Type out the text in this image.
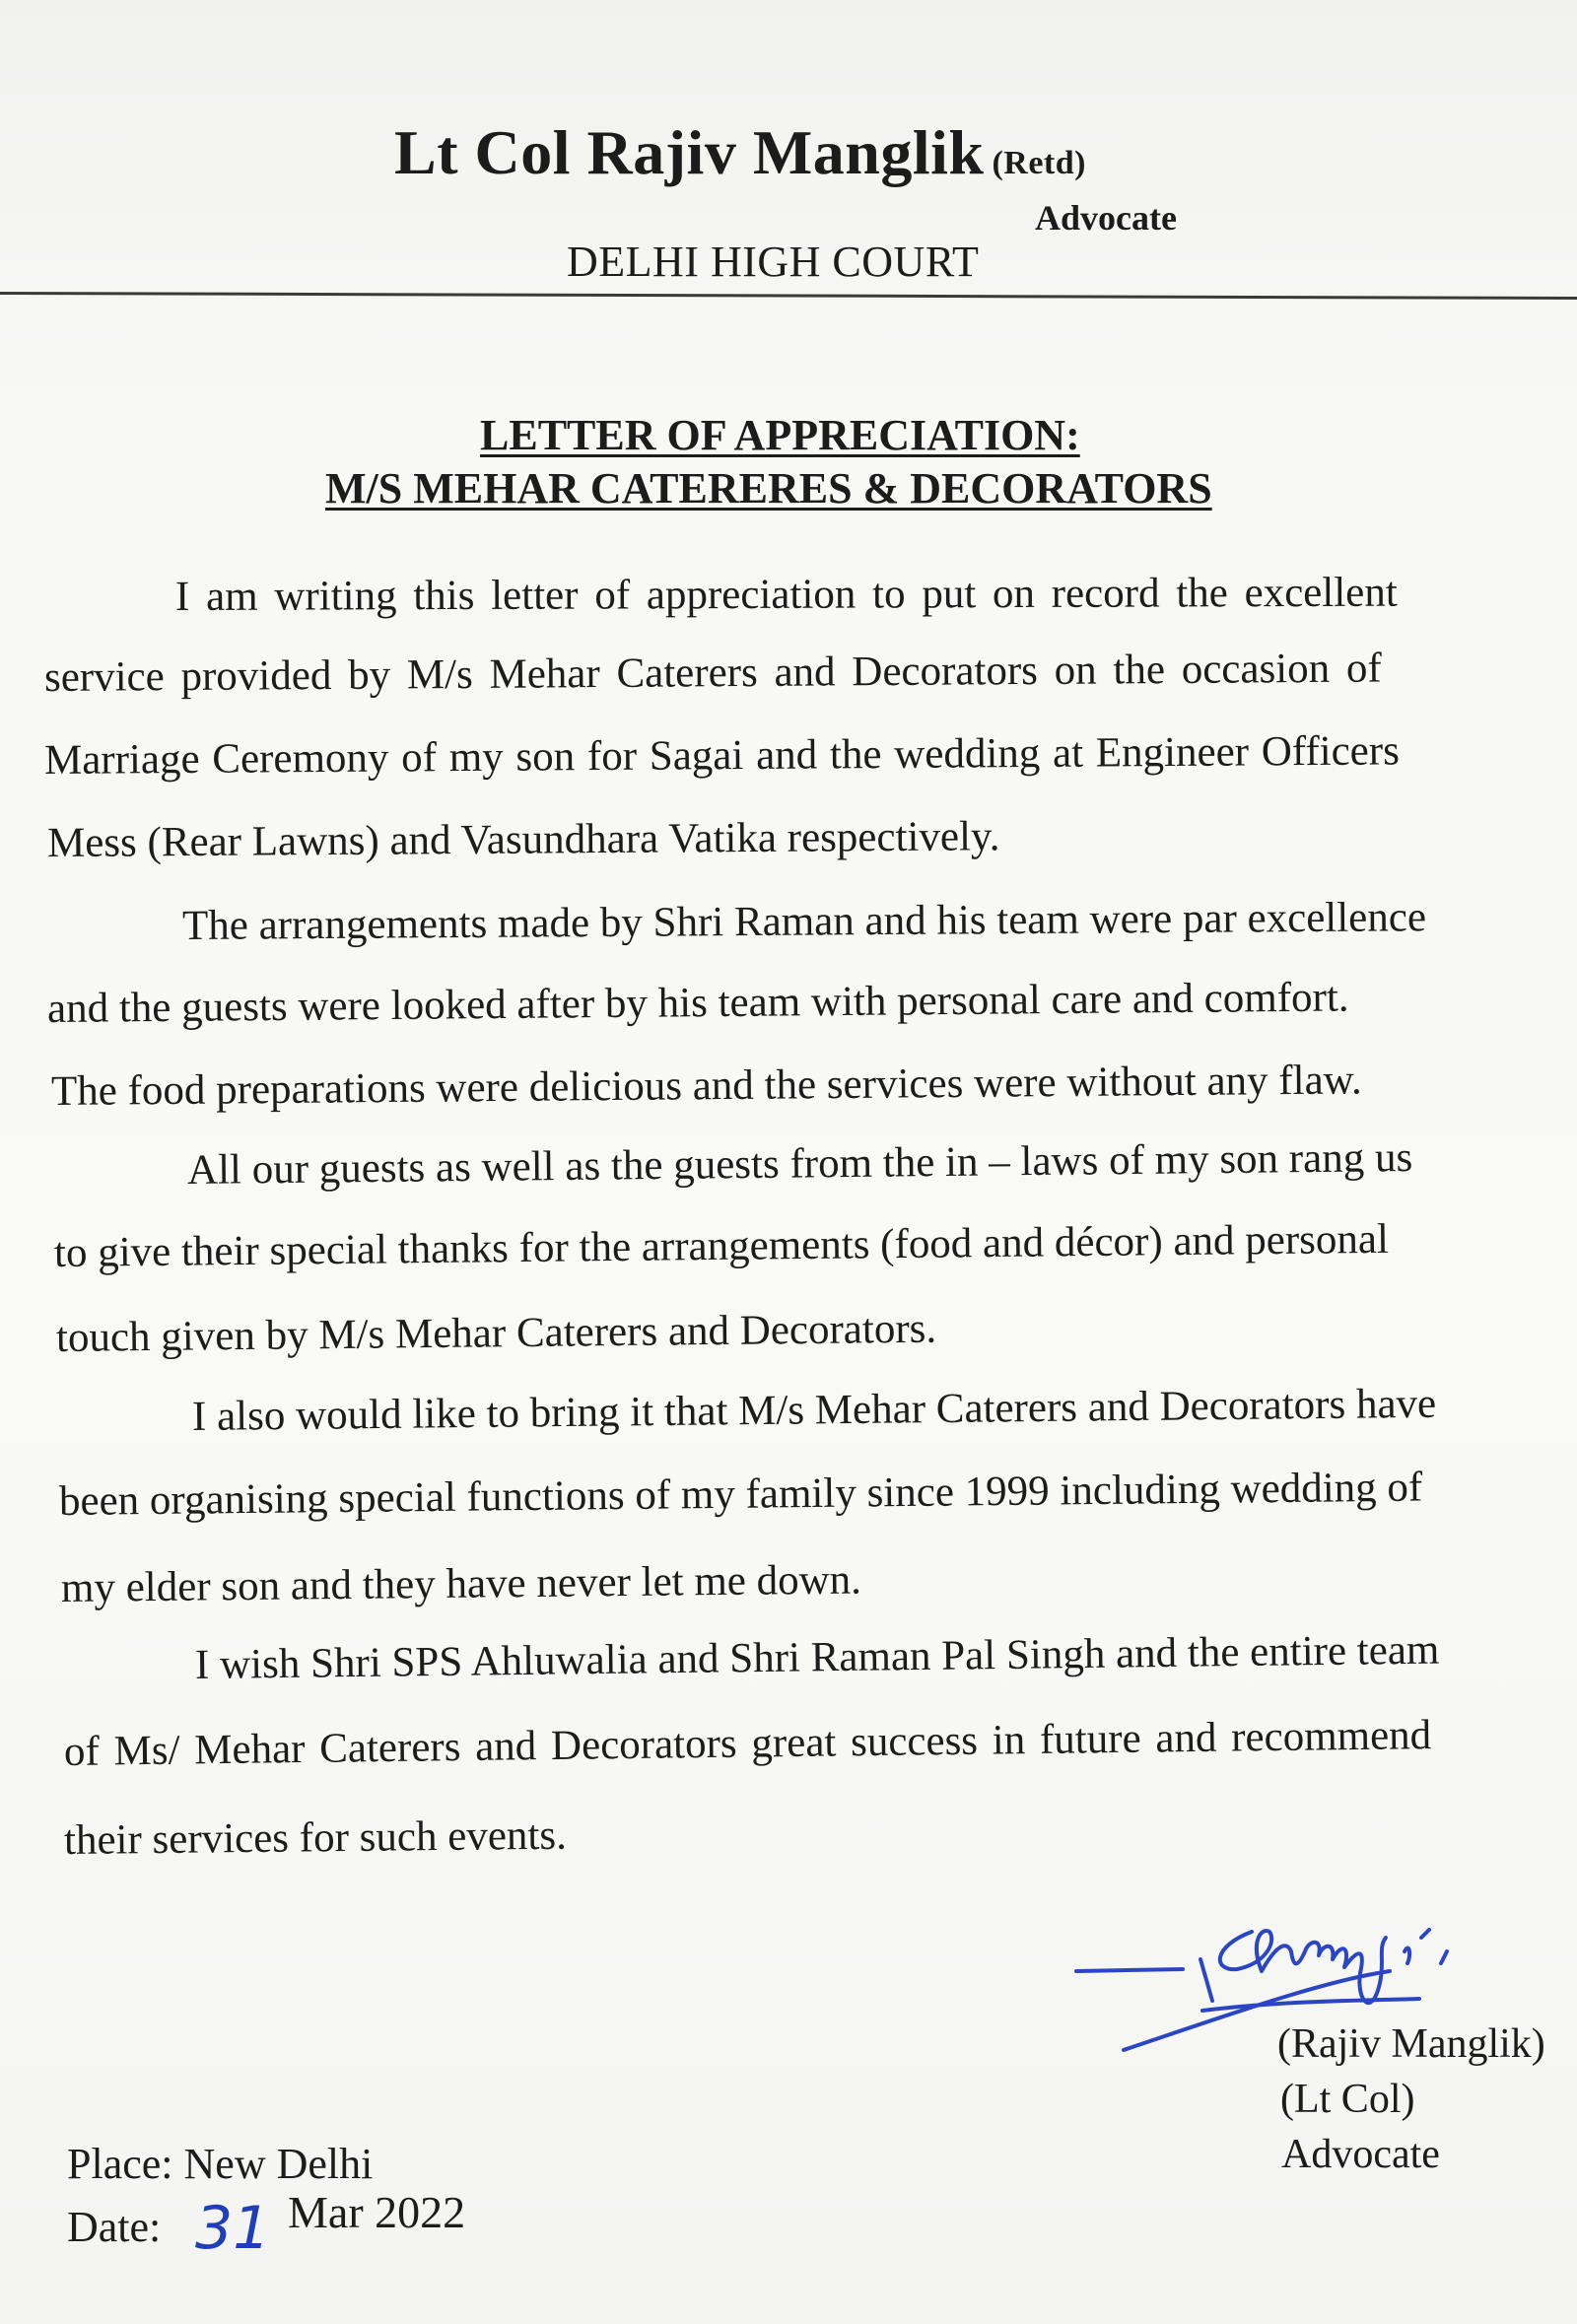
Lt Col Rajiv Manglik (Retd)
Advocate
DELHI HIGH COURT
LETTER OF APPRECIATION:
M/S MEHAR CATERERES & DECORATORS
I am writing this letter of appreciation to put on record the excellent
service provided by M/s Mehar Caterers and Decorators on the occasion of
Marriage Ceremony of my son for Sagai and the wedding at Engineer Officers
Mess (Rear Lawns) and Vasundhara Vatika respectively.
The arrangements made by Shri Raman and his team were par excellence
and the guests were looked after by his team with personal care and comfort.
The food preparations were delicious and the services were without any flaw.
All our guests as well as the guests from the in – laws of my son rang us
to give their special thanks for the arrangements (food and décor) and personal
touch given by M/s Mehar Caterers and Decorators.
I also would like to bring it that M/s Mehar Caterers and Decorators have
been organising special functions of my family since 1999 including wedding of
my elder son and they have never let me down.
I wish Shri SPS Ahluwalia and Shri Raman Pal Singh and the entire team
of Ms/ Mehar Caterers and Decorators great success in future and recommend
their services for such events.
(Rajiv Manglik)
(Lt Col)
Advocate
Place: New Delhi
Date: 31 Mar 2022
